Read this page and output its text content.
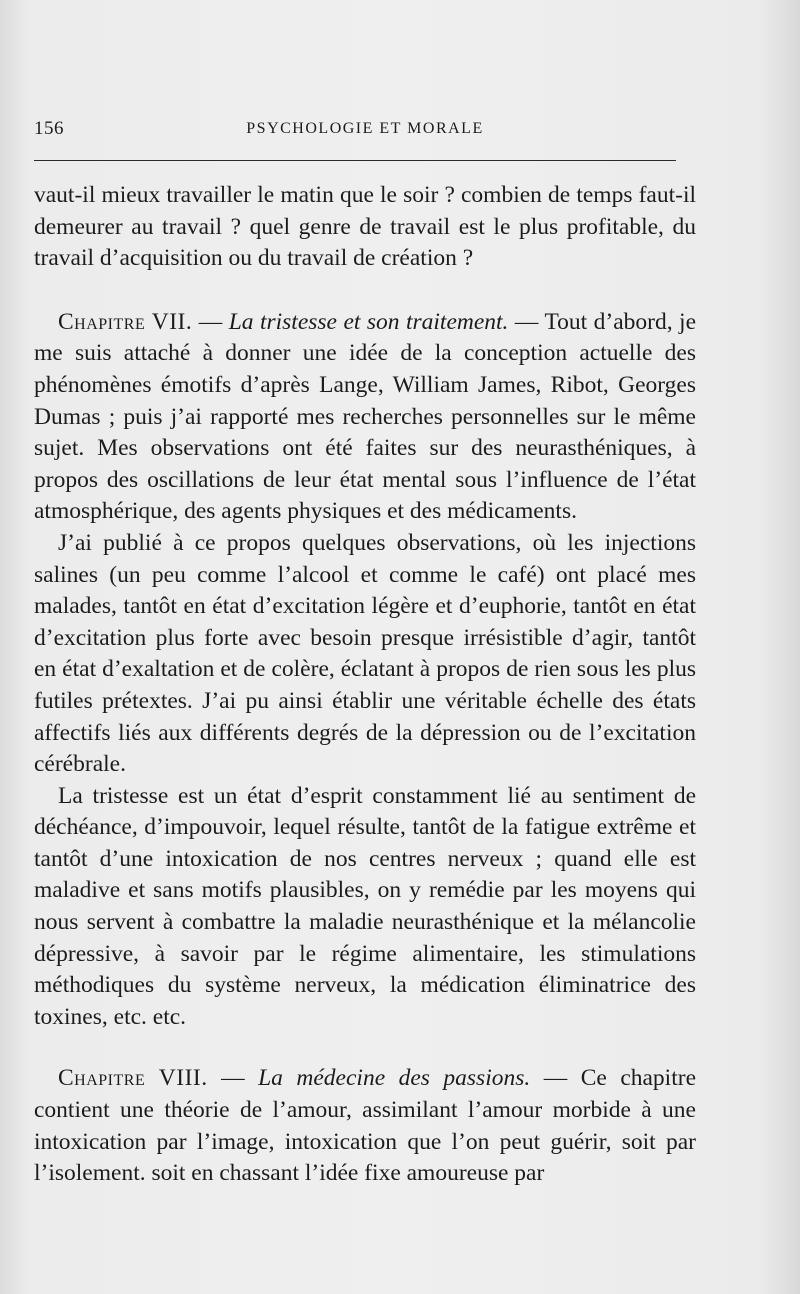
156	PSYCHOLOGIE ET MORALE

vaut-il mieux travailler le matin que le soir ? combien de temps faut-il demeurer au travail ? quel genre de travail est le plus profitable, du travail d’acquisition ou du travail de création ?

Chapitre VII. — La tristesse et son traitement. — Tout d’abord, je me suis attaché à donner une idée de la conception actuelle des phénomènes émotifs d’après Lange, William James, Ribot, Georges Dumas ; puis j’ai rapporté mes recherches personnelles sur le même sujet. Mes observations ont été faites sur des neurasthéniques, à propos des oscillations de leur état mental sous l’influence de l’état atmosphérique, des agents physiques et des médicaments.

J’ai publié à ce propos quelques observations, où les injections salines (un peu comme l’alcool et comme le café) ont placé mes malades, tantôt en état d’excitation légère et d’euphorie, tantôt en état d’excitation plus forte avec besoin presque irrésistible d’agir, tantôt en état d’exaltation et de colère, éclatant à propos de rien sous les plus futiles prétextes. J’ai pu ainsi établir une véritable échelle des états affectifs liés aux différents degrés de la dépression ou de l’excitation cérébrale.

La tristesse est un état d’esprit constamment lié au sentiment de déchéance, d’impouvoir, lequel résulte, tantôt de la fatigue extrême et tantôt d’une intoxication de nos centres nerveux ; quand elle est maladive et sans motifs plausibles, on y remédie par les moyens qui nous servent à combattre la maladie neurasthénique et la mélancolie dépressive, à savoir par le régime alimentaire, les stimulations méthodiques du système nerveux, la médication éliminatrice des toxines, etc. etc.

Chapitre VIII. — La médecine des passions. — Ce chapitre contient une théorie de l’amour, assimilant l’amour morbide à une intoxication par l’image, intoxication que l’on peut guérir, soit par l’isolement. soit en chassant l’idée fixe amoureuse par
